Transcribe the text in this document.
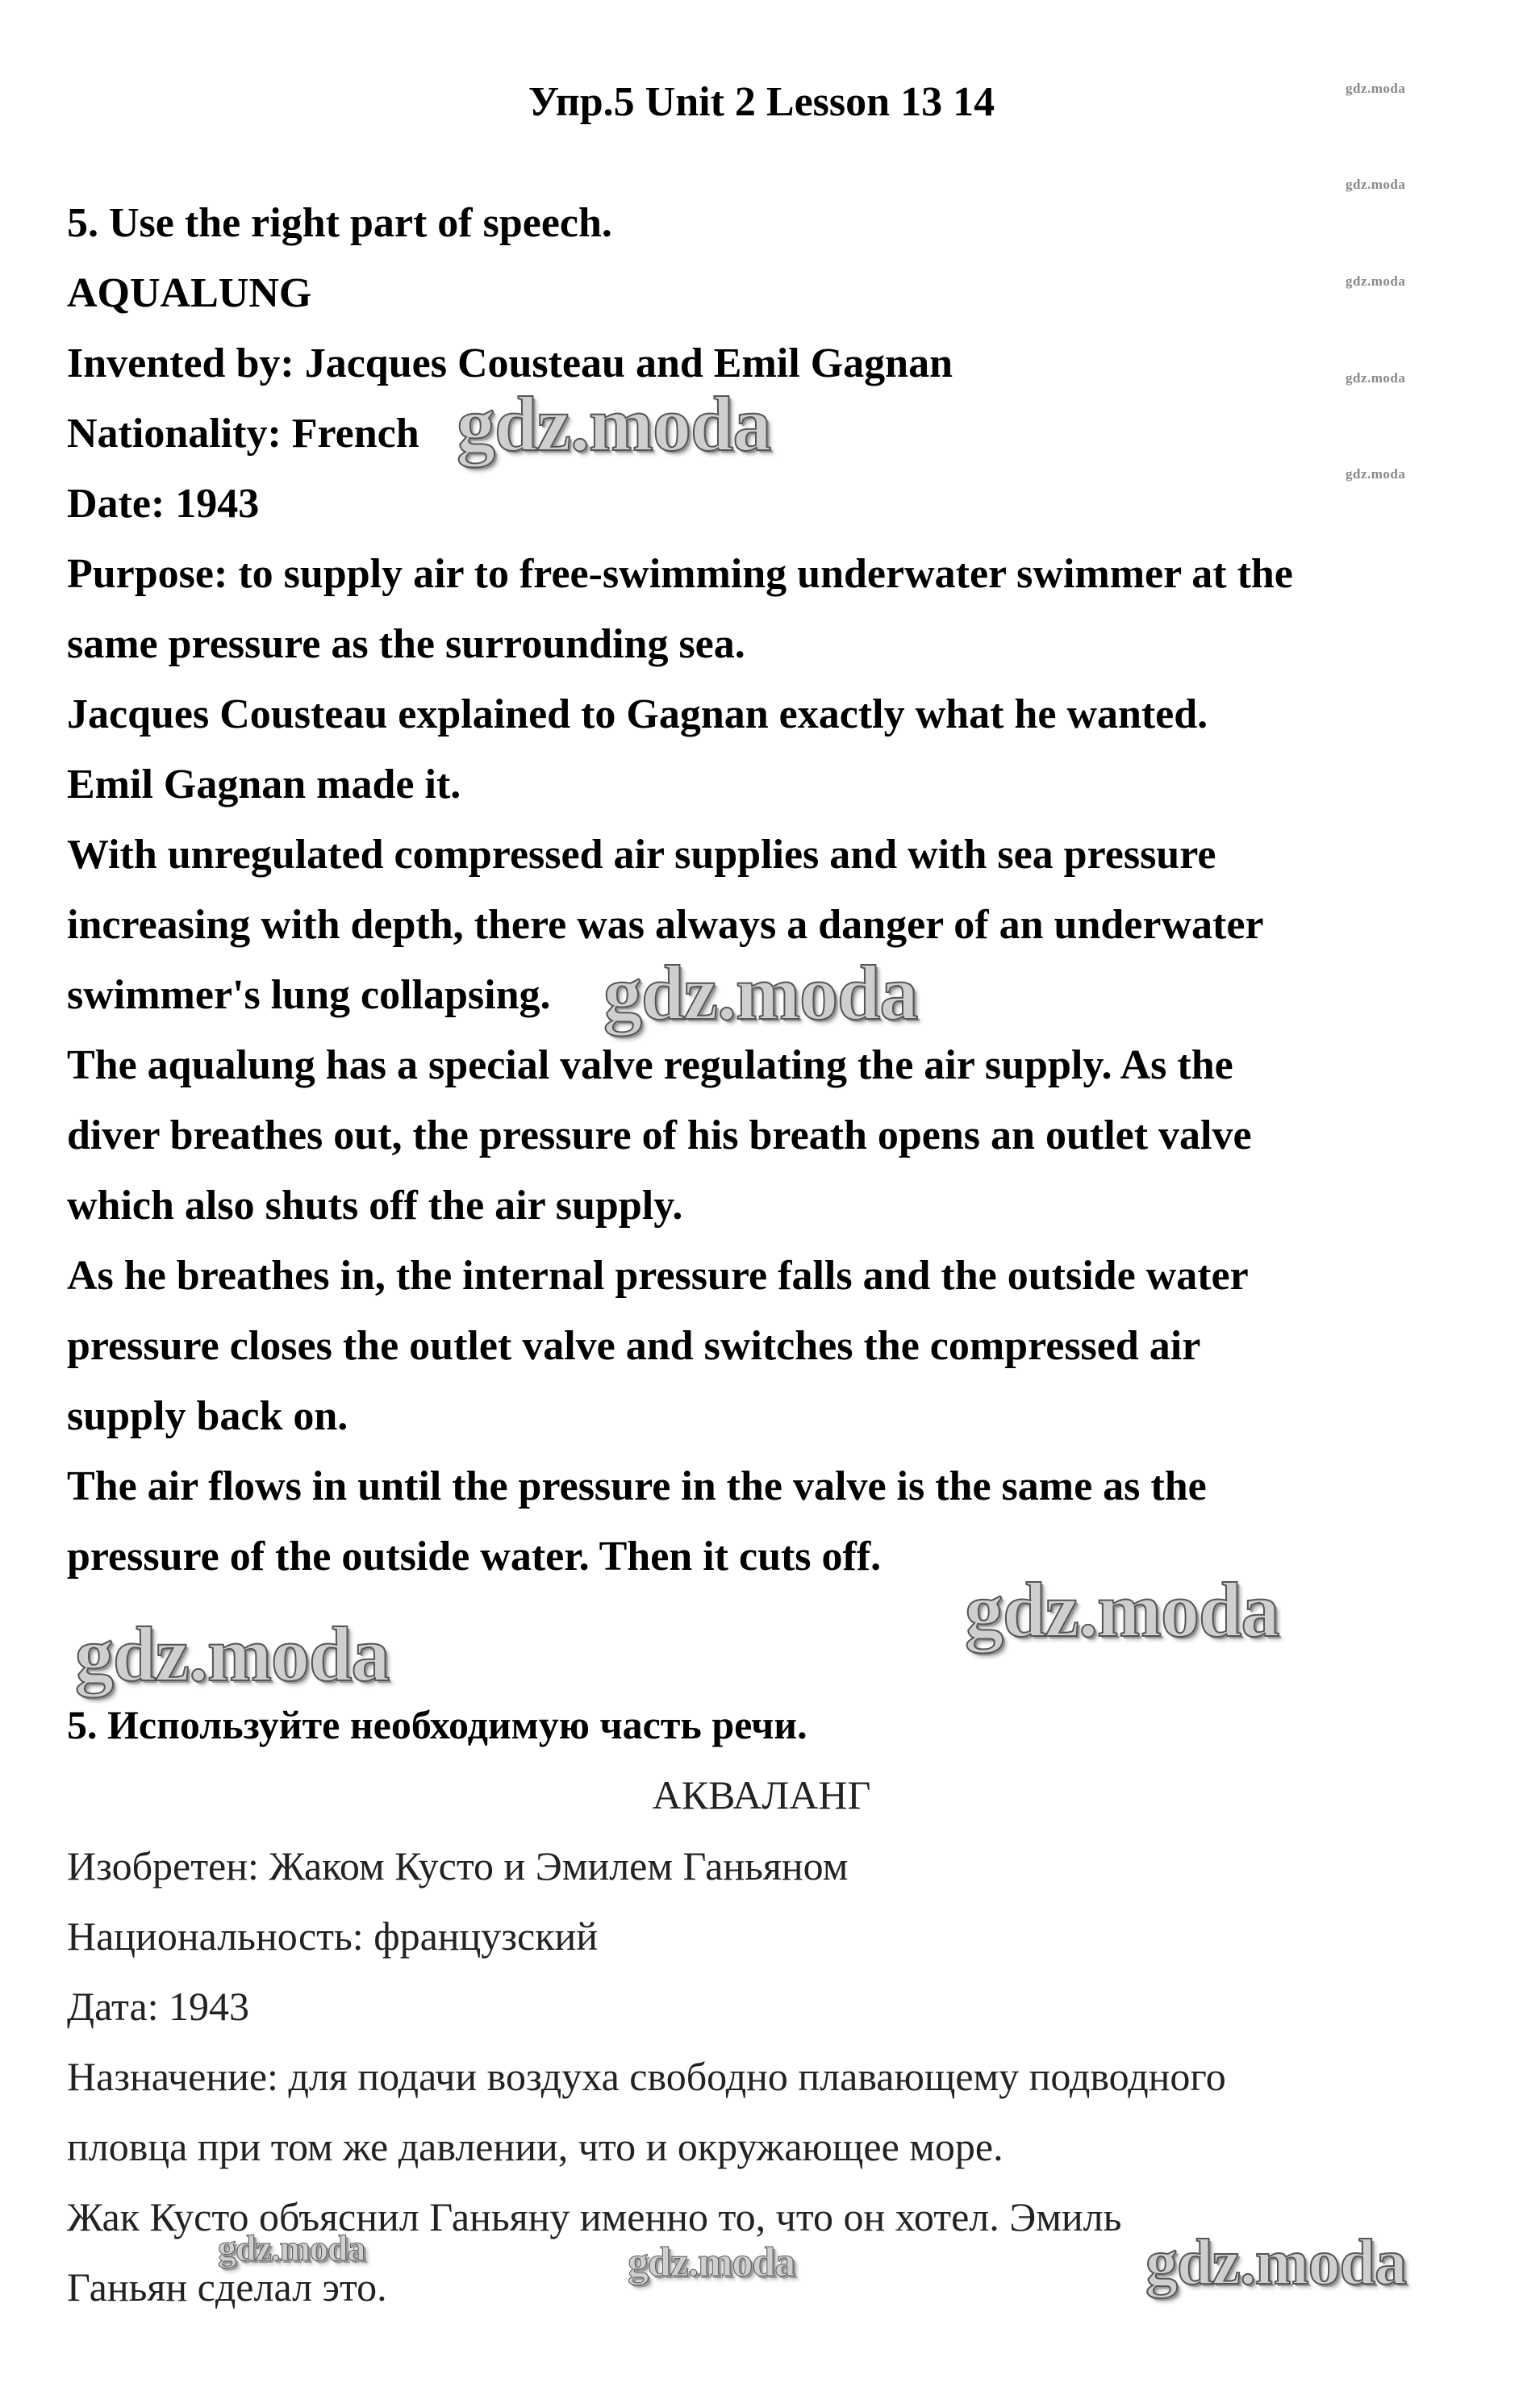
Упр.5 Unit 2 Lesson 13 14
5. Use the right part of speech.
AQUALUNG
Invented by: Jacques Cousteau and Emil Gagnan
Nationality: French
Date: 1943
Purpose: to supply air to free-swimming underwater swimmer at the
same pressure as the surrounding sea.
Jacques Cousteau explained to Gagnan exactly what he wanted.
Emil Gagnan made it.
With unregulated compressed air supplies and with sea pressure
increasing with depth, there was always a danger of an underwater
swimmer's lung collapsing.
The aqualung has a special valve regulating the air supply. As the
diver breathes out, the pressure of his breath opens an outlet valve
which also shuts off the air supply.
As he breathes in, the internal pressure falls and the outside water
pressure closes the outlet valve and switches the compressed air
supply back on.
The air flows in until the pressure in the valve is the same as the
pressure of the outside water. Then it cuts off.
5. Используйте необходимую часть речи.
АКВАЛАНГ
Изобретен: Жаком Кусто и Эмилем Ганьяном
Национальность: французский
Дата: 1943
Назначение: для подачи воздуха свободно плавающему подводного
пловца при том же давлении, что и окружающее море.
Жак Кусто объяснил Ганьяну именно то, что он хотел. Эмиль
Ганьян сделал это.
gdz.moda
gdz.moda
gdz.moda
gdz.moda
gdz.moda
gdz.moda
gdz.moda
gdz.moda
gdz.moda
gdz.moda	gdz.moda	gdz.moda
